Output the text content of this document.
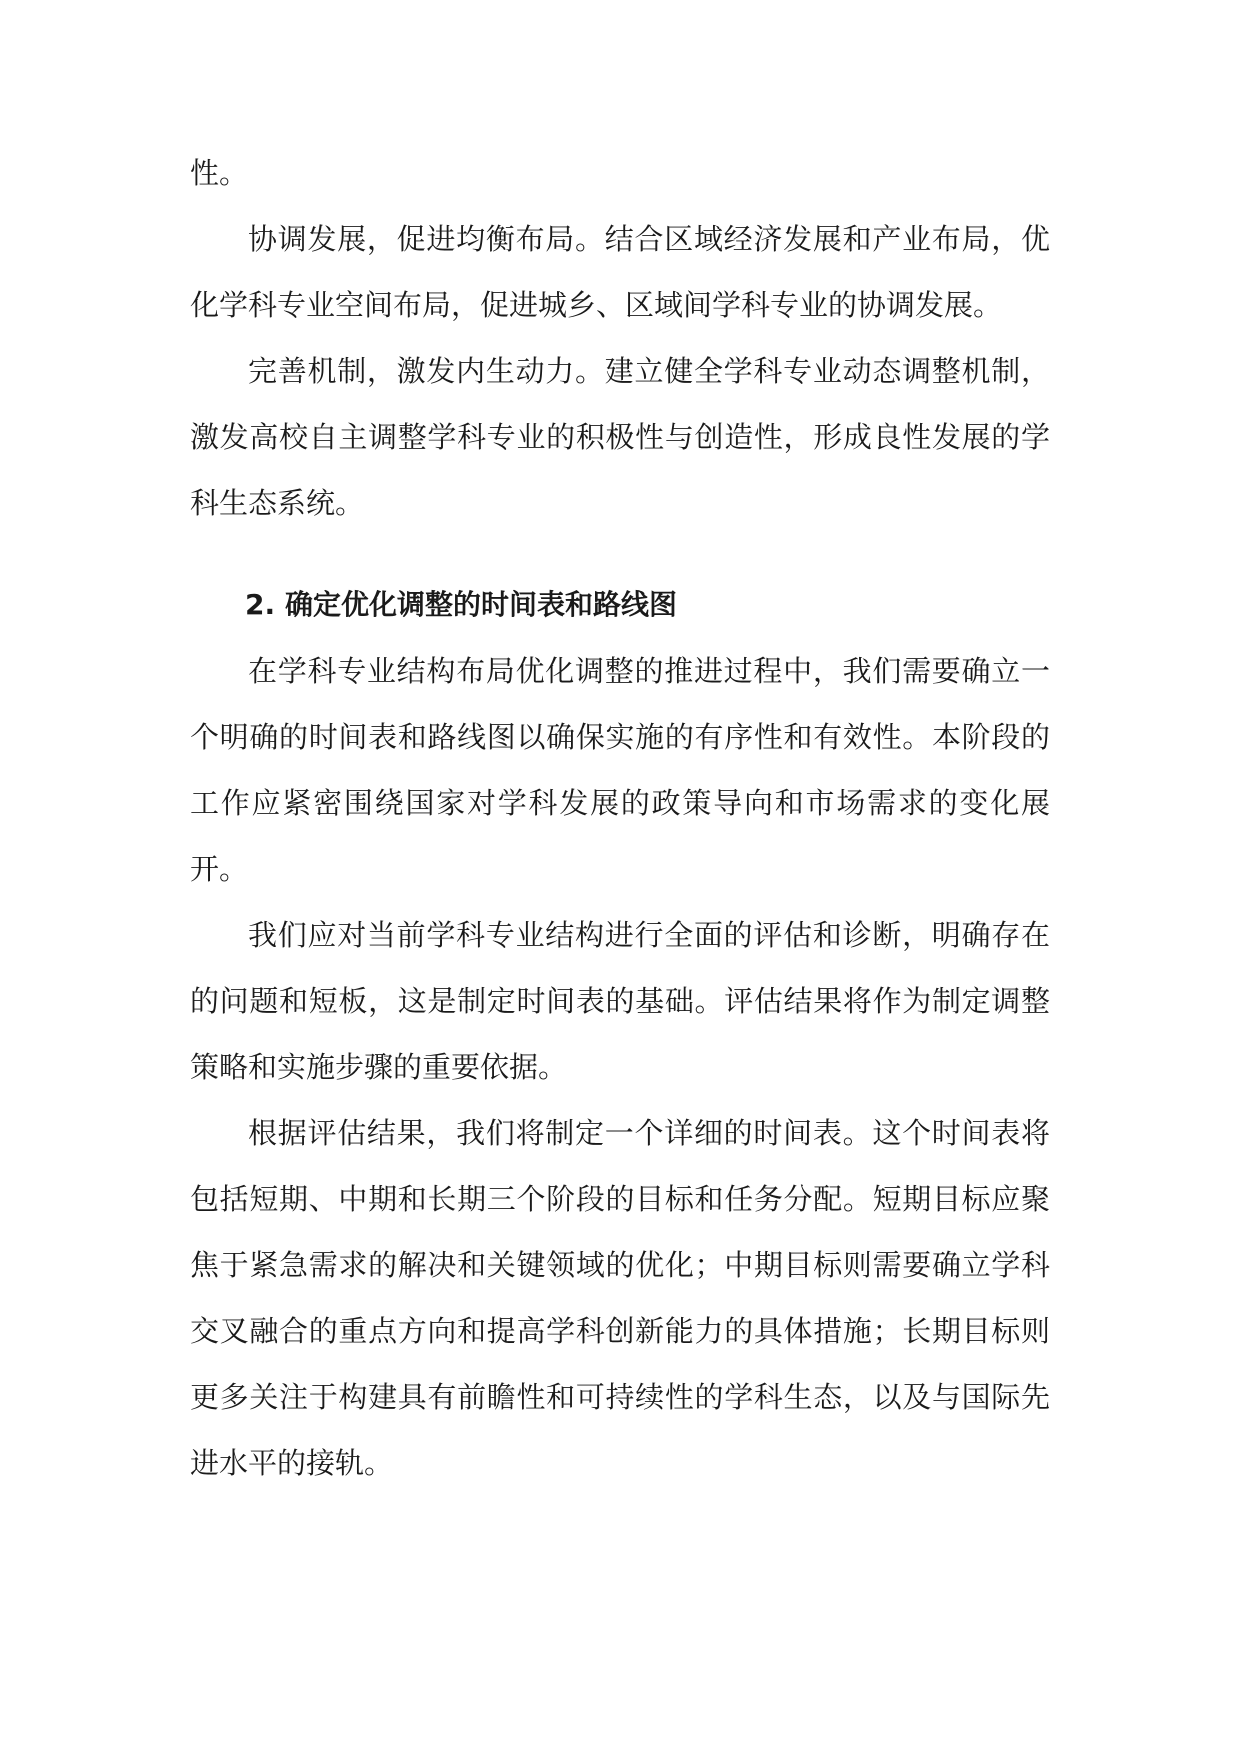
性。

协调发展，促进均衡布局。结合区域经济发展和产业布局，优化学科专业空间布局，促进城乡、区域间学科专业的协调发展。

完善机制，激发内生动力。建立健全学科专业动态调整机制，激发高校自主调整学科专业的积极性与创造性，形成良性发展的学科生态系统。

2. 确定优化调整的时间表和路线图

在学科专业结构布局优化调整的推进过程中，我们需要确立一个明确的时间表和路线图以确保实施的有序性和有效性。本阶段的工作应紧密围绕国家对学科发展的政策导向和市场需求的变化展开。

我们应对当前学科专业结构进行全面的评估和诊断，明确存在的问题和短板，这是制定时间表的基础。评估结果将作为制定调整策略和实施步骤的重要依据。

根据评估结果，我们将制定一个详细的时间表。这个时间表将包括短期、中期和长期三个阶段的目标和任务分配。短期目标应聚焦于紧急需求的解决和关键领域的优化；中期目标则需要确立学科交叉融合的重点方向和提高学科创新能力的具体措施；长期目标则更多关注于构建具有前瞻性和可持续性的学科生态，以及与国际先进水平的接轨。
